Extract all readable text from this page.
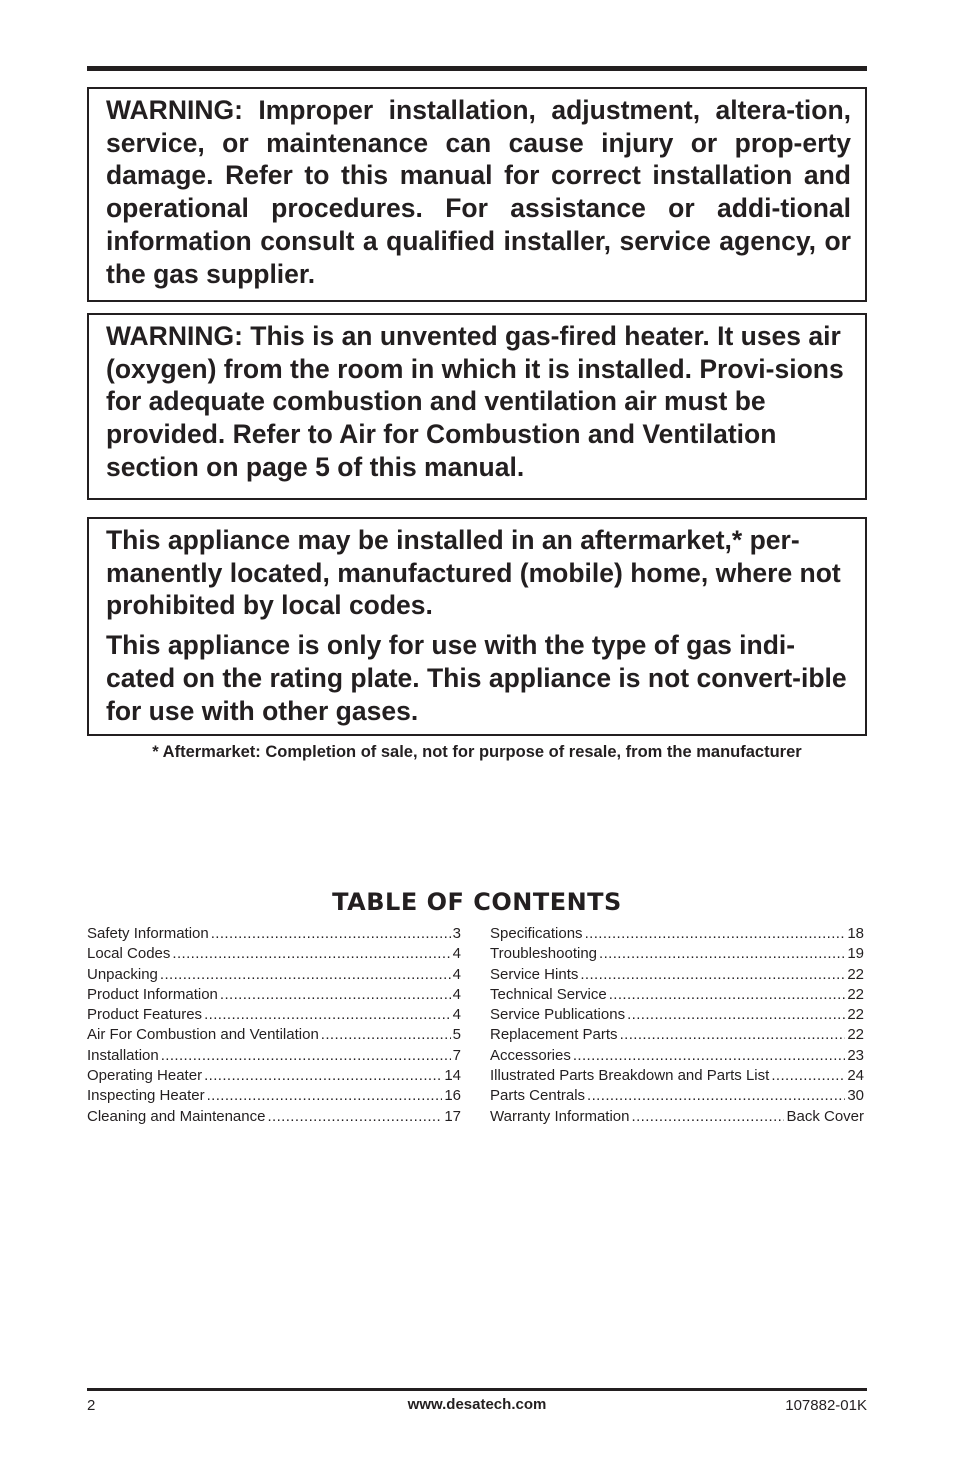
WARNING: Improper installation, adjustment, altera-tion, service, or maintenance can cause injury or prop-erty damage. Refer to this manual for correct installation and operational procedures. For assistance or addi-tional information consult a qualified installer, service agency, or the gas supplier.

WARNING: This is an unvented gas-fired heater. It uses air (oxygen) from the room in which it is installed. Provi-sions for adequate combustion and ventilation air must be provided. Refer to Air for Combustion and Ventilation section on page 5 of this manual.

This appliance may be installed in an aftermarket,* per-manently located, manufactured (mobile) home, where not prohibited by local codes.

This appliance is only for use with the type of gas indi-cated on the rating plate. This appliance is not convert-ible for use with other gases.

* Aftermarket: Completion of sale, not for purpose of resale, from the manufacturer
TABLE OF CONTENTS
Safety Information .....	3
Local Codes .....	4
Unpacking .....	4
Product Information .....	4
Product Features .....	4
Air For Combustion and Ventilation .....	5
Installation .....	7
Operating Heater .....	14
Inspecting Heater .....	16
Cleaning and Maintenance .....	17
Specifications .....	18
Troubleshooting .....	19
Service Hints .....	22
Technical Service .....	22
Service Publications .....	22
Replacement Parts .....	22
Accessories .....	23
Illustrated Parts Breakdown and Parts List .....	24
Parts Centrals .....	30
Warranty Information .....	Back Cover
2	www.desatech.com	107882-01K
